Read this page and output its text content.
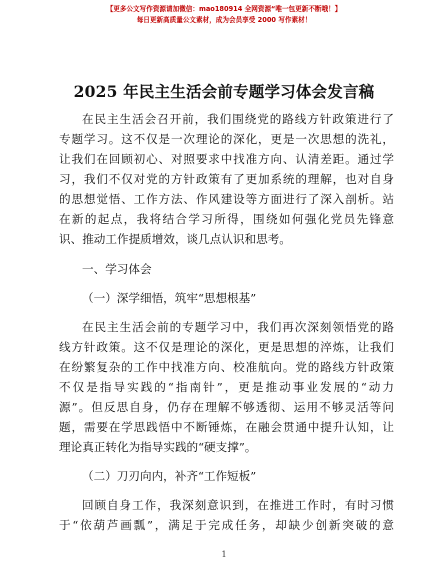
【更多公文写作资源请加微信：mao180914 全网资源“唯一包更新不断哦！】
每日更新高质量公文素材，成为会员享受 2000 写作素材！
2025 年民主生活会前专题学习体会发言稿
在民主生活会召开前，我们围绕党的路线方针政策进行了
专题学习。这不仅是一次理论的深化，更是一次思想的洗礼，
让我们在回顾初心、对照要求中找准方向、认清差距。通过学
习，我们不仅对党的方针政策有了更加系统的理解，也对自身
的思想觉悟、工作方法、作风建设等方面进行了深入剖析。站
在新的起点，我将结合学习所得，围绕如何强化党员先锋意
识、推动工作提质增效，谈几点认识和思考。
一、学习体会
（一）深学细悟，筑牢“思想根基”
在民主生活会前的专题学习中，我们再次深刻领悟党的路
线方针政策。这不仅是理论的深化，更是思想的淬炼，让我们
在纷繁复杂的工作中找准方向、校准航向。党的路线方针政策
不仅是指导实践的“指南针”，更是推动事业发展的“动力
源”。但反思自身，仍存在理解不够透彻、运用不够灵活等问
题，需要在学思践悟中不断锤炼，在融会贯通中提升认知，让
理论真正转化为指导实践的“硬支撑”。
（二）刀刃向内，补齐“工作短板”
回顾自身工作，我深刻意识到，在推进工作时，有时习惯
于“依葫芦画瓢”，满足于完成任务，却缺少创新突破的意
1
